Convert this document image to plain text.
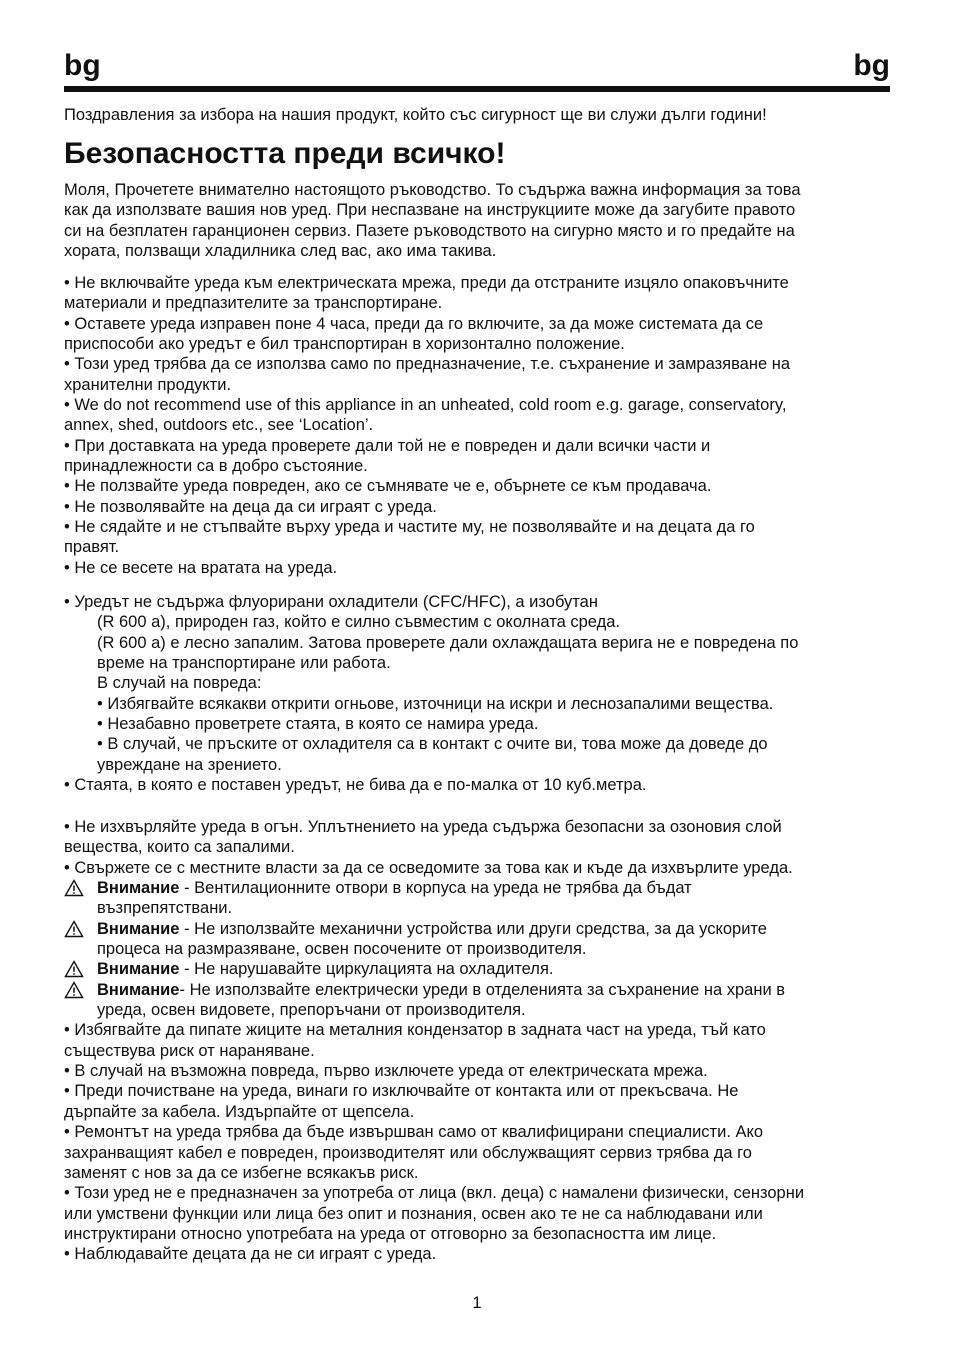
bg	bg
Поздравления за избора на нашия продукт, който със сигурност ще ви служи дълги години!
Безопасността преди всичко!

Моля, Прочетете внимателно настоящото ръководство. То съдържа важна информация за това

как да използвате вашия нов уред. При неспазване на инструкциите може да загубите правото

си на безплатен гаранционен сервиз. Пазете ръководството на сигурно място и го предайте на

хората, ползващи хладилника след вас, ако има такива.

• Не включвайте уреда към електрическата мрежа, преди да отстраните изцяло опаковъчните

материали и предпазителите за транспортиране.

• Оставете уреда изправен поне 4 часа, преди да го включите, за да може системата да се

приспособи ако уредът е бил транспортиран в хоризонтално положение.

• Този уред трябва да се използва само по предназначение, т.е. съхранение и замразяване на

хранителни продукти.

• We do not recommend use of this appliance in an unheated, cold room e.g. garage, conservatory,

annex, shed, outdoors etc., see ‘Location’.

• При доставката на уреда проверете дали той не е повреден и дали всички части и

принадлежности са в добро състояние.

• Не ползвайте уреда повреден, ако се съмнявате че е, обърнете се към продавача.

• Не позволявайте на деца да си играят с уреда.

• Не сядайте и не стъпвайте върху уреда и частите му, не позволявайте и на децата да го

правят.

• Не се весете на вратата на уреда.

• Уредът не съдържа флуорирани охладители (CFC/HFC), а изобутан

(R 600 a), природен газ, който е силно съвместим с околната среда.

(R 600 a) е лесно запалим. Затова проверете дали охлаждащата верига не е повредена по

време на транспортиране или работа.

В случай на повреда:

• Избягвайте всякакви открити огньове, източници на искри и леснозапалими вещества.

• Незабавно проветрете стаята, в която се намира уреда.

• В случай, че пръските от охладителя са в контакт с очите ви, това може да доведе до

увреждане на зрението.

• Стаята, в която е поставен уредът, не бива да е по-малка от 10 куб.метра.

• Не изхвърляйте уреда в огън. Уплътнението на уреда съдържа безопасни за озоновия слой

вещества, които са запалими.

• Свържете се с местните власти за да се осведомите за това как и къде да изхвърлите уреда.

Внимание - Вентилационните отвори в корпуса на уреда не трябва да бъдат

възпрепятствани.

Внимание - Не използвайте механични устройства или други средства, за да ускорите

процеса на размразяване, освен посочените от производителя.

Внимание - Не нарушавайте циркулацията на охладителя.

Внимание- Не използвайте електрически уреди в отделенията за съхранение на храни в

уреда, освен видовете, препоръчани от производителя.

• Избягвайте да пипате жиците на металния кондензатор в задната част на уреда, тъй като

съществува риск от нараняване.

• В случай на възможна повреда, първо изключете уреда от електрическата мрежа.

• Преди почистване на уреда, винаги го изключвайте от контакта или от прекъсвача. Не

дърпайте за кабела. Издърпайте от щепсела.

• Ремонтът на уреда трябва да бъде извършван само от квалифицирани специалисти. Ако

захранващият кабел е повреден, производителят или обслужващият сервиз трябва да го

заменят с нов за да се избегне всякакъв риск.

• Този уред не е предназначен за употреба от лица (вкл. деца) с намалени физически, сензорни

или умствени функции или лица без опит и познания, освен ако те не са наблюдавани или

инструктирани относно употребата на уреда от отговорно за безопасността им лице.

• Наблюдавайте децата да не си играят с уреда.

1
